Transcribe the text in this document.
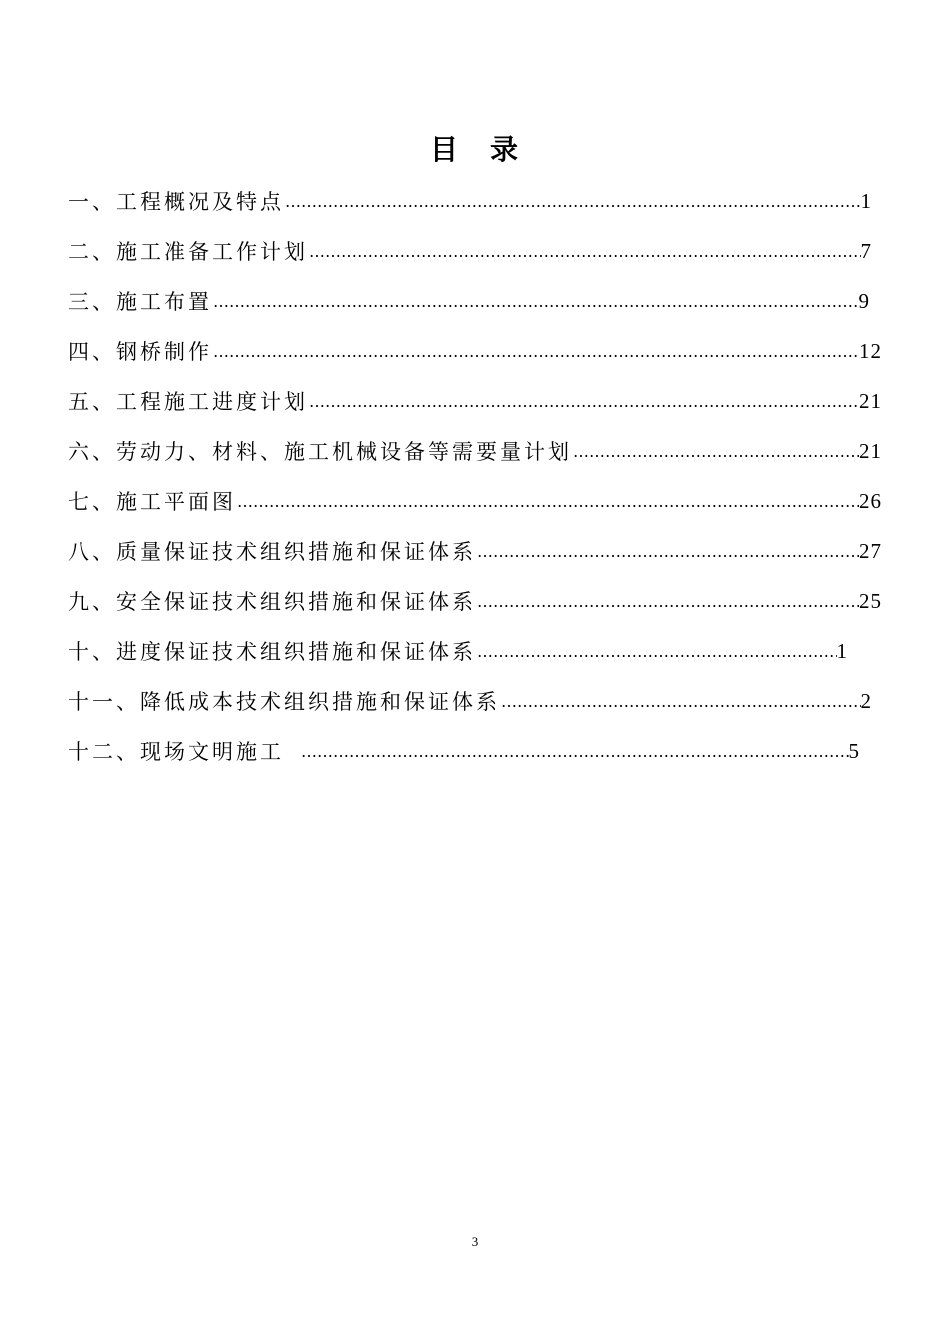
目　录
一、工程概况及特点 …………………………………………………………………………………………………………………………………………………………………………………………	1
二、施工准备工作计划 …………………………………………………………………………………………………………………………………………………………………………………………	7
三、施工布置 …………………………………………………………………………………………………………………………………………………………………………………………	9
四、钢桥制作 …………………………………………………………………………………………………………………………………………………………………………………………	12
五、工程施工进度计划 …………………………………………………………………………………………………………………………………………………………………………………………	21
六、劳动力、材料、施工机械设备等需要量计划 …………………………………………………………………………………………………………………………………………………………………………………………	21
七、施工平面图 …………………………………………………………………………………………………………………………………………………………………………………………	26
八、质量保证技术组织措施和保证体系 …………………………………………………………………………………………………………………………………………………………………………………………	27
九、安全保证技术组织措施和保证体系 …………………………………………………………………………………………………………………………………………………………………………………………	25
十、进度保证技术组织措施和保证体系 …………………………………………………………………………………………………………………………………………………………………………………………	1
十一、降低成本技术组织措施和保证体系 …………………………………………………………………………………………………………………………………………………………………………………………	2
十二、现场文明施工 …………………………………………………………………………………………………………………………………………………………………………………………	5
3
